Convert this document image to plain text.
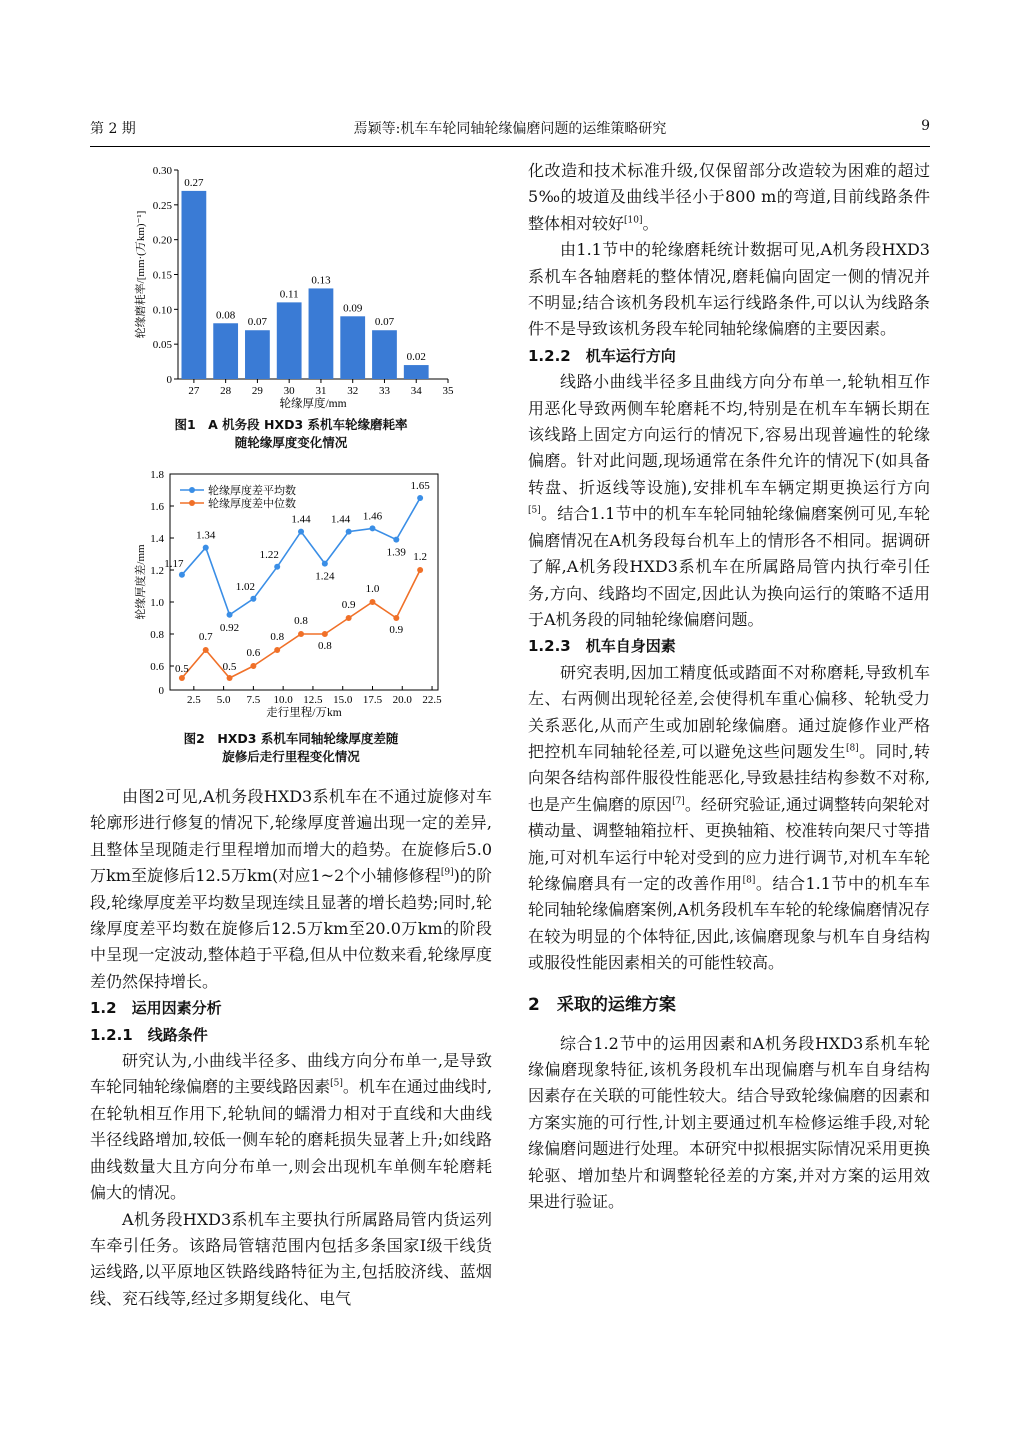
第 2 期	焉颖等:机车车轮同轴轮缘偏磨问题的运维策略研究	9
0
0.05
0.10
0.15
0.20
0.25
0.30
27 28 29 30 31 32 33 34 35
0.27
0.08
0.07
0.11
0.13
0.09
0.07
0.02
轮缘厚度/mm
轮缘磨耗率/[mm·(万km)⁻¹]
图1　A 机务段 HXD3 系机车轮缘磨耗率
随轮缘厚度变化情况
0
0.6
0.8
1.0
1.2
1.4
1.6
1.8
2.5 5.0 7.5 10.0 12.5 15.0 17.5 20.0 22.5
走行里程/万km
轮缘厚度差/mm 1.17
1.34
0.92
1.02
1.22
1.44
1.24
1.44 1.46
1.39
1.65
0.5
0.7
0.5
0.6
0.8
0.8
0.8
0.9
1.0
0.9
1.2
轮缘厚度差平均数
轮缘厚度差中位数
图2　HXD3 系机车同轴轮缘厚度差随
旋修后走行里程变化情况

由图2可见,A机务段HXD3系机车在不通过旋修对车轮廓形进行修复的情况下,轮缘厚度普遍出现一定的差异,且整体呈现随走行里程增加而增大的趋势。在旋修后5.0万km至旋修后12.5万km(对应1~2个小辅修修程[9])的阶段,轮缘厚度差平均数呈现连续且显著的增长趋势;同时,轮缘厚度差平均数在旋修后12.5万km至20.0万km的阶段中呈现一定波动,整体趋于平稳,但从中位数来看,轮缘厚度差仍然保持增长。

1.2　运用因素分析
1.2.1　线路条件

研究认为,小曲线半径多、曲线方向分布单一,是导致车轮同轴轮缘偏磨的主要线路因素[5]。机车在通过曲线时,在轮轨相互作用下,轮轨间的蠕滑力相对于直线和大曲线半径线路增加,较低一侧车轮的磨耗损失显著上升;如线路曲线数量大且方向分布单一,则会出现机车单侧车轮磨耗偏大的情况。

A机务段HXD3系机车主要执行所属路局管内货运列车牵引任务。该路局管辖范围内包括多条国家Ⅰ级干线货运线路,以平原地区铁路线路特征为主,包括胶济线、蓝烟线、兖石线等,经过多期复线化、电气

化改造和技术标准升级,仅保留部分改造较为困难的超过5‰的坡道及曲线半径小于800 m的弯道,目前线路条件整体相对较好[10]。

由1.1节中的轮缘磨耗统计数据可见,A机务段HXD3系机车各轴磨耗的整体情况,磨耗偏向固定一侧的情况并不明显;结合该机务段机车运行线路条件,可以认为线路条件不是导致该机务段车轮同轴轮缘偏磨的主要因素。

1.2.2　机车运行方向

线路小曲线半径多且曲线方向分布单一,轮轨相互作用恶化导致两侧车轮磨耗不均,特别是在机车车辆长期在该线路上固定方向运行的情况下,容易出现普遍性的轮缘偏磨。针对此问题,现场通常在条件允许的情况下(如具备转盘、折返线等设施),安排机车车辆定期更换运行方向[5]。结合1.1节中的机车车轮同轴轮缘偏磨案例可见,车轮偏磨情况在A机务段每台机车上的情形各不相同。据调研了解,A机务段HXD3系机车在所属路局管内执行牵引任务,方向、线路均不固定,因此认为换向运行的策略不适用于A机务段的同轴轮缘偏磨问题。

1.2.3　机车自身因素

研究表明,因加工精度低或踏面不对称磨耗,导致机车左、右两侧出现轮径差,会使得机车重心偏移、轮轨受力关系恶化,从而产生或加剧轮缘偏磨。通过旋修作业严格把控机车同轴轮径差,可以避免这些问题发生[8]。同时,转向架各结构部件服役性能恶化,导致悬挂结构参数不对称,也是产生偏磨的原因[7]。经研究验证,通过调整转向架轮对横动量、调整轴箱拉杆、更换轴箱、校准转向架尺寸等措施,可对机车运行中轮对受到的应力进行调节,对机车车轮轮缘偏磨具有一定的改善作用[8]。结合1.1节中的机车车轮同轴轮缘偏磨案例,A机务段机车车轮的轮缘偏磨情况存在较为明显的个体特征,因此,该偏磨现象与机车自身结构或服役性能因素相关的可能性较高。

2　采取的运维方案

综合1.2节中的运用因素和A机务段HXD3系机车轮缘偏磨现象特征,该机务段机车出现偏磨与机车自身结构因素存在关联的可能性较大。结合导致轮缘偏磨的因素和方案实施的可行性,计划主要通过机车检修运维手段,对轮缘偏磨问题进行处理。本研究中拟根据实际情况采用更换轮驱、增加垫片和调整轮径差的方案,并对方案的运用效果进行验证。
